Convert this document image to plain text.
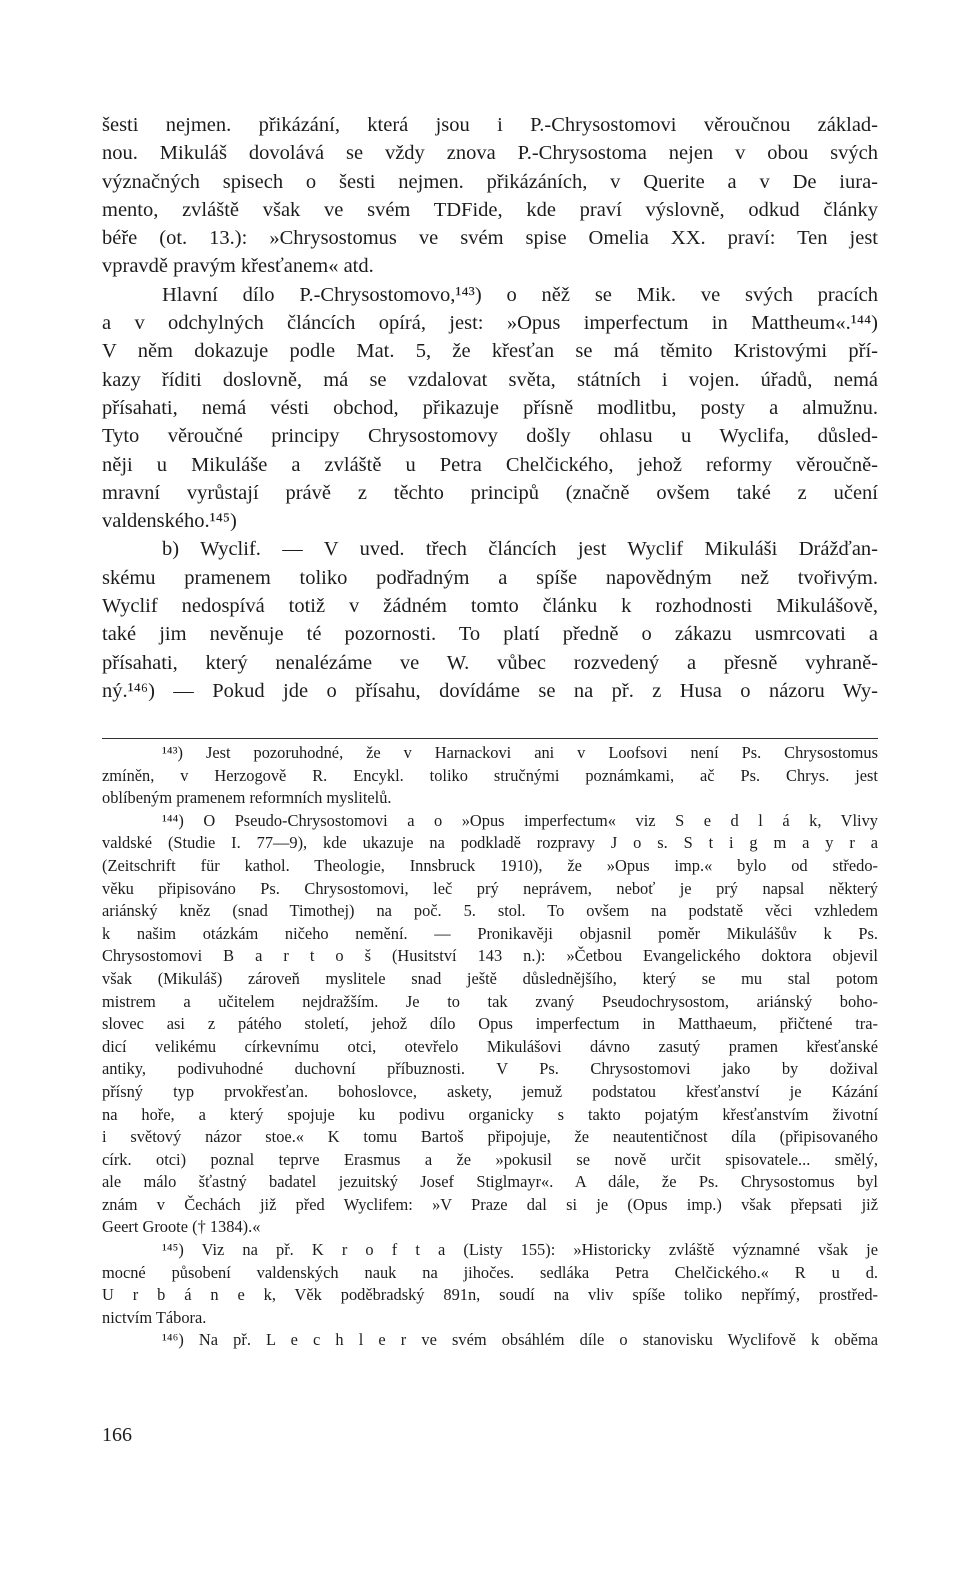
šesti nejmen. přikázání, která jsou i P.-Chrysostomovi věroučnou základ-
nou. Mikuláš dovolává se vždy znova P.-Chrysostoma nejen v obou svých
význačných spisech o šesti nejmen. přikázáních, v Querite a v De iura-
mento, zvláště však ve svém TDFide, kde praví výslovně, odkud články
béře (ot. 13.): »Chrysostomus ve svém spise Omelia XX. praví: Ten jest
vpravdě pravým křesťanem« atd.
Hlavní dílo P.-Chrysostomovo,¹⁴³) o něž se Mik. ve svých pracích
a v odchylných článcích opírá, jest: »Opus imperfectum in Mattheum«.¹⁴⁴)
V něm dokazuje podle Mat. 5, že křesťan se má těmito Kristovými pří-
kazy říditi doslovně, má se vzdalovat světa, státních i vojen. úřadů, nemá
přísahati, nemá vésti obchod, přikazuje přísně modlitbu, posty a almužnu.
Tyto věroučné principy Chrysostomovy došly ohlasu u Wyclifa, důsled-
něji u Mikuláše a zvláště u Petra Chelčického, jehož reformy věroučně-
mravní vyrůstají právě z těchto principů (značně ovšem také z učení
valdenského.¹⁴⁵)
b) Wyclif. — V uved. třech článcích jest Wyclif Mikuláši Drážďan-
skému pramenem toliko podřadným a spíše napovědným než tvořivým.
Wyclif nedospívá totiž v žádném tomto článku k rozhodnosti Mikulášově,
také jim nevěnuje té pozornosti. To platí předně o zákazu usmrcovati a
přísahati, který nenalézáme ve W. vůbec rozvedený a přesně vyhraně-
ný.¹⁴⁶) — Pokud jde o přísahu, dovídáme se na př. z Husa o názoru Wy-
¹⁴³) Jest pozoruhodné, že v Harnackovi ani v Loofsovi není Ps. Chrysostomus
zmíněn, v Herzogově R. Encykl. toliko stručnými poznámkami, ač Ps. Chrys. jest
oblíbeným pramenem reformních myslitelů.
¹⁴⁴) O Pseudo-Chrysostomovi a o »Opus imperfectum« viz S e d l á k, Vlivy
valdské (Studie I. 77—9), kde ukazuje na podkladě rozpravy J o s. S t i g m a y r a
(Zeitschrift für kathol. Theologie, Innsbruck 1910), že »Opus imp.« bylo od středo-
věku připisováno Ps. Chrysostomovi, leč prý neprávem, neboť je prý napsal některý
ariánský kněz (snad Timothej) na poč. 5. stol. To ovšem na podstatě věci vzhledem
k našim otázkám ničeho nemění. — Pronikavěji objasnil poměr Mikulášův k Ps.
Chrysostomovi B a r t o š (Husitství 143 n.): »Četbou Evangelického doktora objevil
však (Mikuláš) zároveň myslitele snad ještě důslednějšího, který se mu stal potom
mistrem a učitelem nejdražším. Je to tak zvaný Pseudochrysostom, ariánský boho-
slovec asi z pátého století, jehož dílo Opus imperfectum in Matthaeum, přičtené tra-
dicí velikému církevnímu otci, otevřelo Mikulášovi dávno zasutý pramen křesťanské
antiky, podivuhodné duchovní příbuznosti. V Ps. Chrysostomovi jako by dožival
přísný typ prvokřesťan. bohoslovce, askety, jemuž podstatou křesťanství je Kázání
na hoře, a který spojuje ku podivu organicky s takto pojatým křesťanstvím životní
i světový názor stoe.« K tomu Bartoš připojuje, že neautentičnost díla (připisovaného
círk. otci) poznal teprve Erasmus a že »pokusil se nově určit spisovatele... smělý,
ale málo šťastný badatel jezuitský Josef Stiglmayr«. A dále, že Ps. Chrysostomus byl
znám v Čechách již před Wyclifem: »V Praze dal si je (Opus imp.) však přepsati již
Geert Groote († 1384).«
¹⁴⁵) Viz na př. K r o f t a (Listy 155): »Historicky zvláště významné však je
mocné působení valdenských nauk na jihočes. sedláka Petra Chelčického.« R u d.
U r b á n e k, Věk poděbradský 891n, soudí na vliv spíše toliko nepřímý, prostřed-
nictvím Tábora.
¹⁴⁶) Na př. L e c h l e r ve svém obsáhlém díle o stanovisku Wyclifově k oběma
166
